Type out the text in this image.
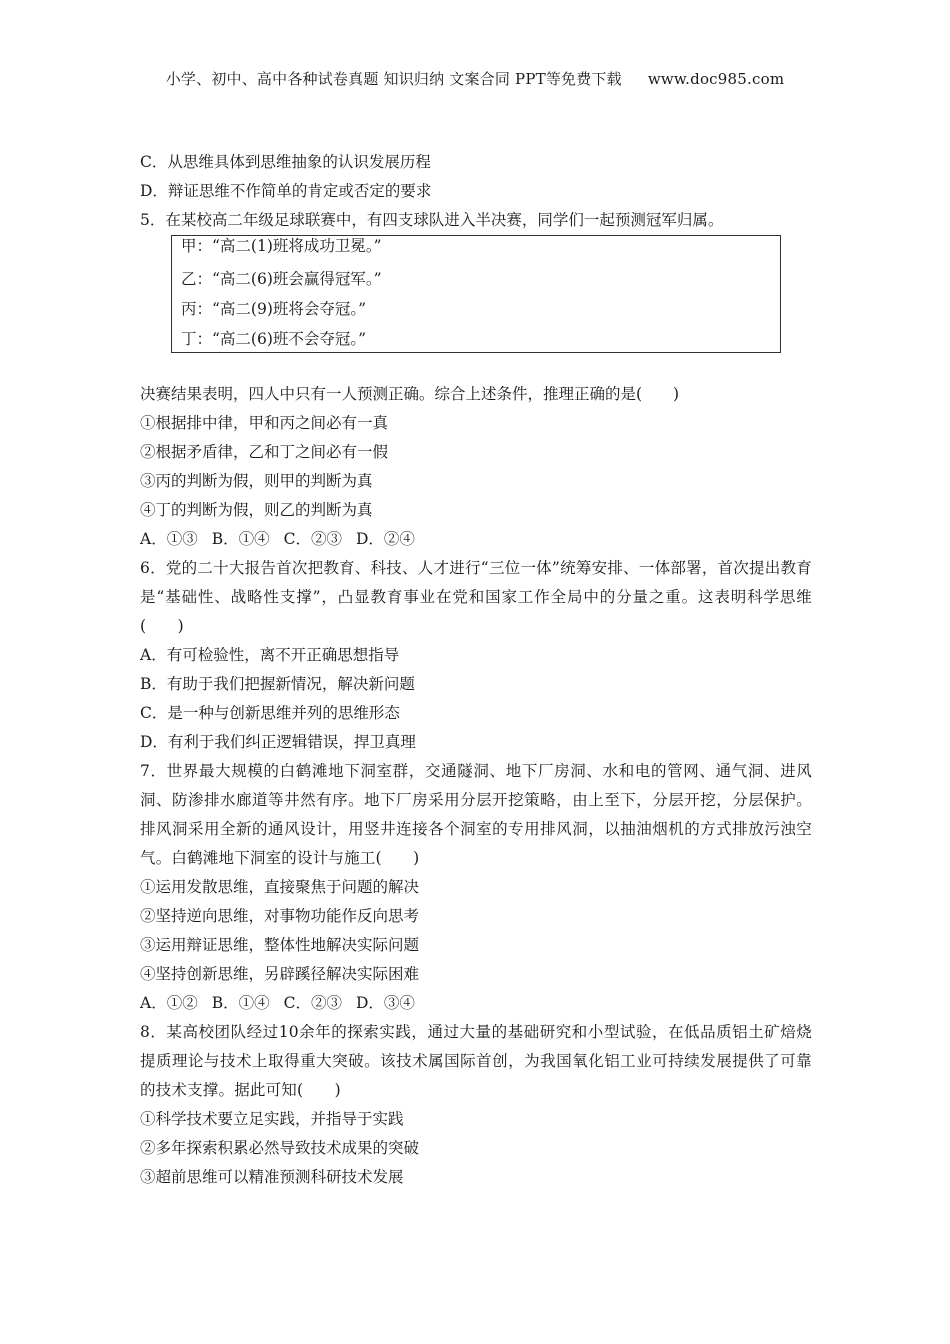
小学、初中、高中各种试卷真题 知识归纳 文案合同 PPT等免费下载 www.doc985.com
C．从思维具体到思维抽象的认识发展历程
D．辩证思维不作简单的肯定或否定的要求
5．在某校高二年级足球联赛中，有四支球队进入半决赛，同学们一起预测冠军归属。
甲：“高二(1)班将成功卫冕。”
乙：“高二(6)班会赢得冠军。”
丙：“高二(9)班将会夺冠。”
丁：“高二(6)班不会夺冠。”
决赛结果表明，四人中只有一人预测正确。综合上述条件，推理正确的是(　　)
①根据排中律，甲和丙之间必有一真
②根据矛盾律，乙和丁之间必有一假
③丙的判断为假，则甲的判断为真
④丁的判断为假，则乙的判断为真
A．①③ B．①④ C．②③ D．②④
6．党的二十大报告首次把教育、科技、人才进行“三位一体”统筹安排、一体部署，首次提出教育是“基础性、战略性支撑”，凸显教育事业在党和国家工作全局中的分量之重。这表明科学思维(　　)
A．有可检验性，离不开正确思想指导
B．有助于我们把握新情况，解决新问题
C．是一种与创新思维并列的思维形态
D．有利于我们纠正逻辑错误，捍卫真理
7．世界最大规模的白鹤滩地下洞室群，交通隧洞、地下厂房洞、水和电的管网、通气洞、进风洞、防渗排水廊道等井然有序。地下厂房采用分层开挖策略，由上至下，分层开挖，分层保护。排风洞采用全新的通风设计，用竖井连接各个洞室的专用排风洞，以抽油烟机的方式排放污浊空气。白鹤滩地下洞室的设计与施工(　　)
①运用发散思维，直接聚焦于问题的解决
②坚持逆向思维，对事物功能作反向思考
③运用辩证思维，整体性地解决实际问题
④坚持创新思维，另辟蹊径解决实际困难
A．①② B．①④ C．②③ D．③④
8．某高校团队经过10余年的探索实践，通过大量的基础研究和小型试验，在低品质铝土矿焙烧提质理论与技术上取得重大突破。该技术属国际首创，为我国氧化铝工业可持续发展提供了可靠的技术支撑。据此可知(　　)
①科学技术要立足实践，并指导于实践
②多年探索积累必然导致技术成果的突破
③超前思维可以精准预测科研技术发展
